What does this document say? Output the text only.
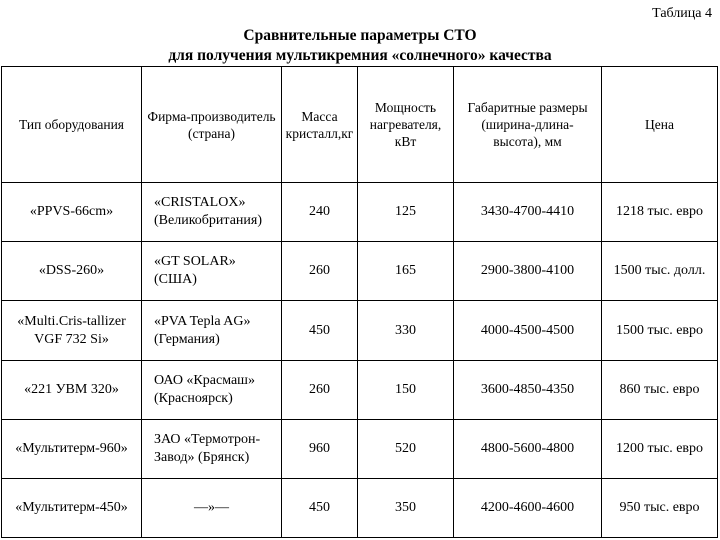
Таблица 4
Сравнительные параметры СТО
для получения мультикремния «солнечного» качества
Тип оборудования	Фирма-производитель (страна)	Масса кристалл,кг	Мощность нагревателя, кВт	Габаритные размеры (ширина-длина- высота), мм	Цена
«PPVS-66cm»	«CRISTALOX» (Великобритания)	240	125	3430-4700-4410	1218 тыс. евро
«DSS-260»	«GT SOLAR» (США)	260	165	2900-3800-4100	1500 тыс. долл.
«Multi.Cris-tallizer VGF 732 Si»	«PVA Tepla AG» (Германия)	450	330	4000-4500-4500	1500 тыс. евро
«221 УВМ 320»	ОАО «Красмаш» (Красноярск)	260	150	3600-4850-4350	860 тыс. евро
«Мультитерм-960»	ЗАО «Термотрон-Завод» (Брянск)	960	520	4800-5600-4800	1200 тыс. евро
«Мультитерм-450»	—»—	450	350	4200-4600-4600	950 тыс. евро
